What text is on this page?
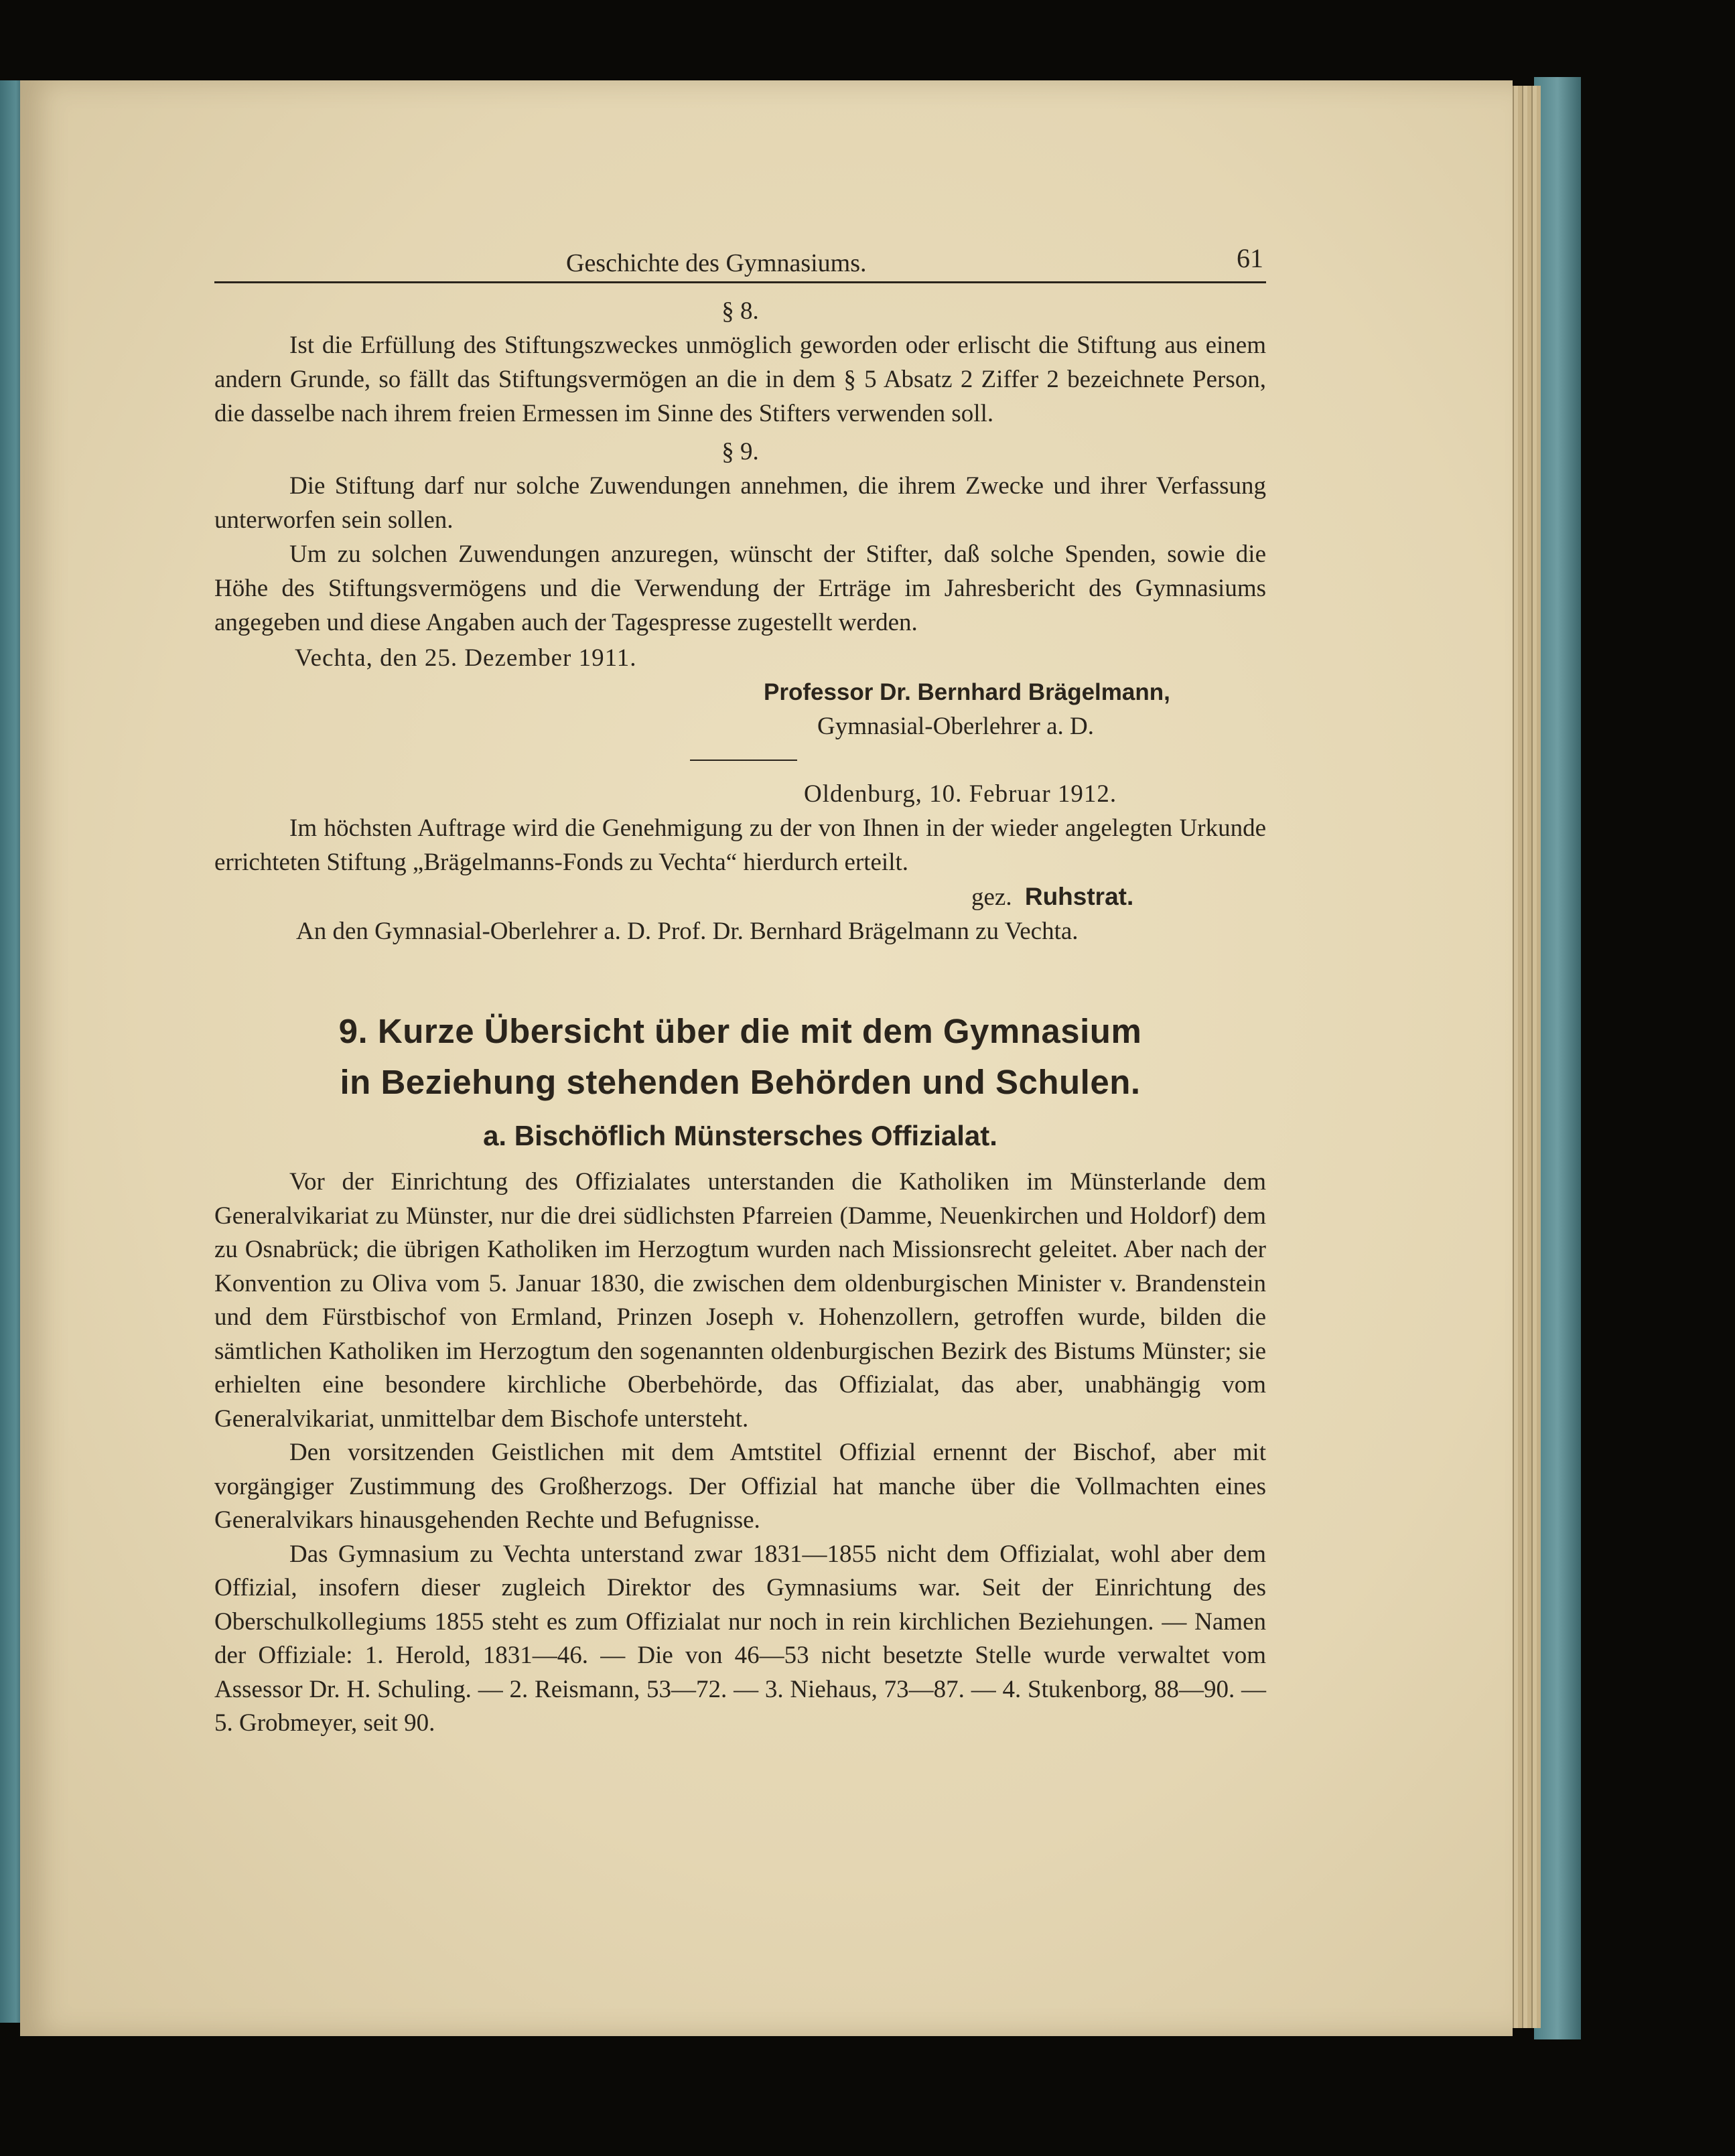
Geschichte des Gymnasiums.	61
§ 8.

Ist die Erfüllung des Stiftungszweckes unmöglich geworden oder erlischt die Stiftung aus einem andern Grunde, so fällt das Stiftungsvermögen an die in dem § 5 Absatz 2 Ziffer 2 bezeichnete Person, die dasselbe nach ihrem freien Ermessen im Sinne des Stifters verwenden soll.

§ 9.

Die Stiftung darf nur solche Zuwendungen annehmen, die ihrem Zwecke und ihrer Verfassung unterworfen sein sollen.

Um zu solchen Zuwendungen anzuregen, wünscht der Stifter, daß solche Spenden, sowie die Höhe des Stiftungsvermögens und die Verwendung der Erträge im Jahresbericht des Gymnasiums angegeben und diese Angaben auch der Tagespresse zugestellt werden.

Vechta, den 25. Dezember 1911.

Professor Dr. Bernhard Brägelmann,
Gymnasial-Oberlehrer a. D.
Oldenburg, 10. Februar 1912.

Im höchsten Auftrage wird die Genehmigung zu der von Ihnen in der wieder angelegten Urkunde errichteten Stiftung „Brägelmanns-Fonds zu Vechta“ hierdurch erteilt.

gez. Ruhstrat.

An den Gymnasial-Oberlehrer a. D. Prof. Dr. Bernhard Brägelmann zu Vechta.

9. Kurze Übersicht über die mit dem Gymnasium
in Beziehung stehenden Behörden und Schulen.
a. Bischöflich Münstersches Offizialat.

Vor der Einrichtung des Offizialates unterstanden die Katholiken im Münsterlande dem Generalvikariat zu Münster, nur die drei südlichsten Pfarreien (Damme, Neuenkirchen und Holdorf) dem zu Osnabrück; die übrigen Katholiken im Herzogtum wurden nach Missionsrecht geleitet. Aber nach der Konvention zu Oliva vom 5. Januar 1830, die zwischen dem oldenburgischen Minister v. Brandenstein und dem Fürstbischof von Ermland, Prinzen Joseph v. Hohenzollern, getroffen wurde, bilden die sämtlichen Katholiken im Herzogtum den sogenannten oldenburgischen Bezirk des Bistums Münster; sie erhielten eine besondere kirchliche Oberbehörde, das Offizialat, das aber, unabhängig vom Generalvikariat, unmittelbar dem Bischofe untersteht.

Den vorsitzenden Geistlichen mit dem Amtstitel Offizial ernennt der Bischof, aber mit vorgängiger Zustimmung des Großherzogs. Der Offizial hat manche über die Vollmachten eines Generalvikars hinausgehenden Rechte und Befugnisse.

Das Gymnasium zu Vechta unterstand zwar 1831—1855 nicht dem Offizialat, wohl aber dem Offizial, insofern dieser zugleich Direktor des Gymnasiums war. Seit der Einrichtung des Oberschulkollegiums 1855 steht es zum Offizialat nur noch in rein kirchlichen Beziehungen. — Namen der Offiziale: 1. Herold, 1831—46. — Die von 46—53 nicht besetzte Stelle wurde verwaltet vom Assessor Dr. H. Schuling. — 2. Reismann, 53—72. — 3. Niehaus, 73—87. — 4. Stukenborg, 88—90. — 5. Grobmeyer, seit 90.
